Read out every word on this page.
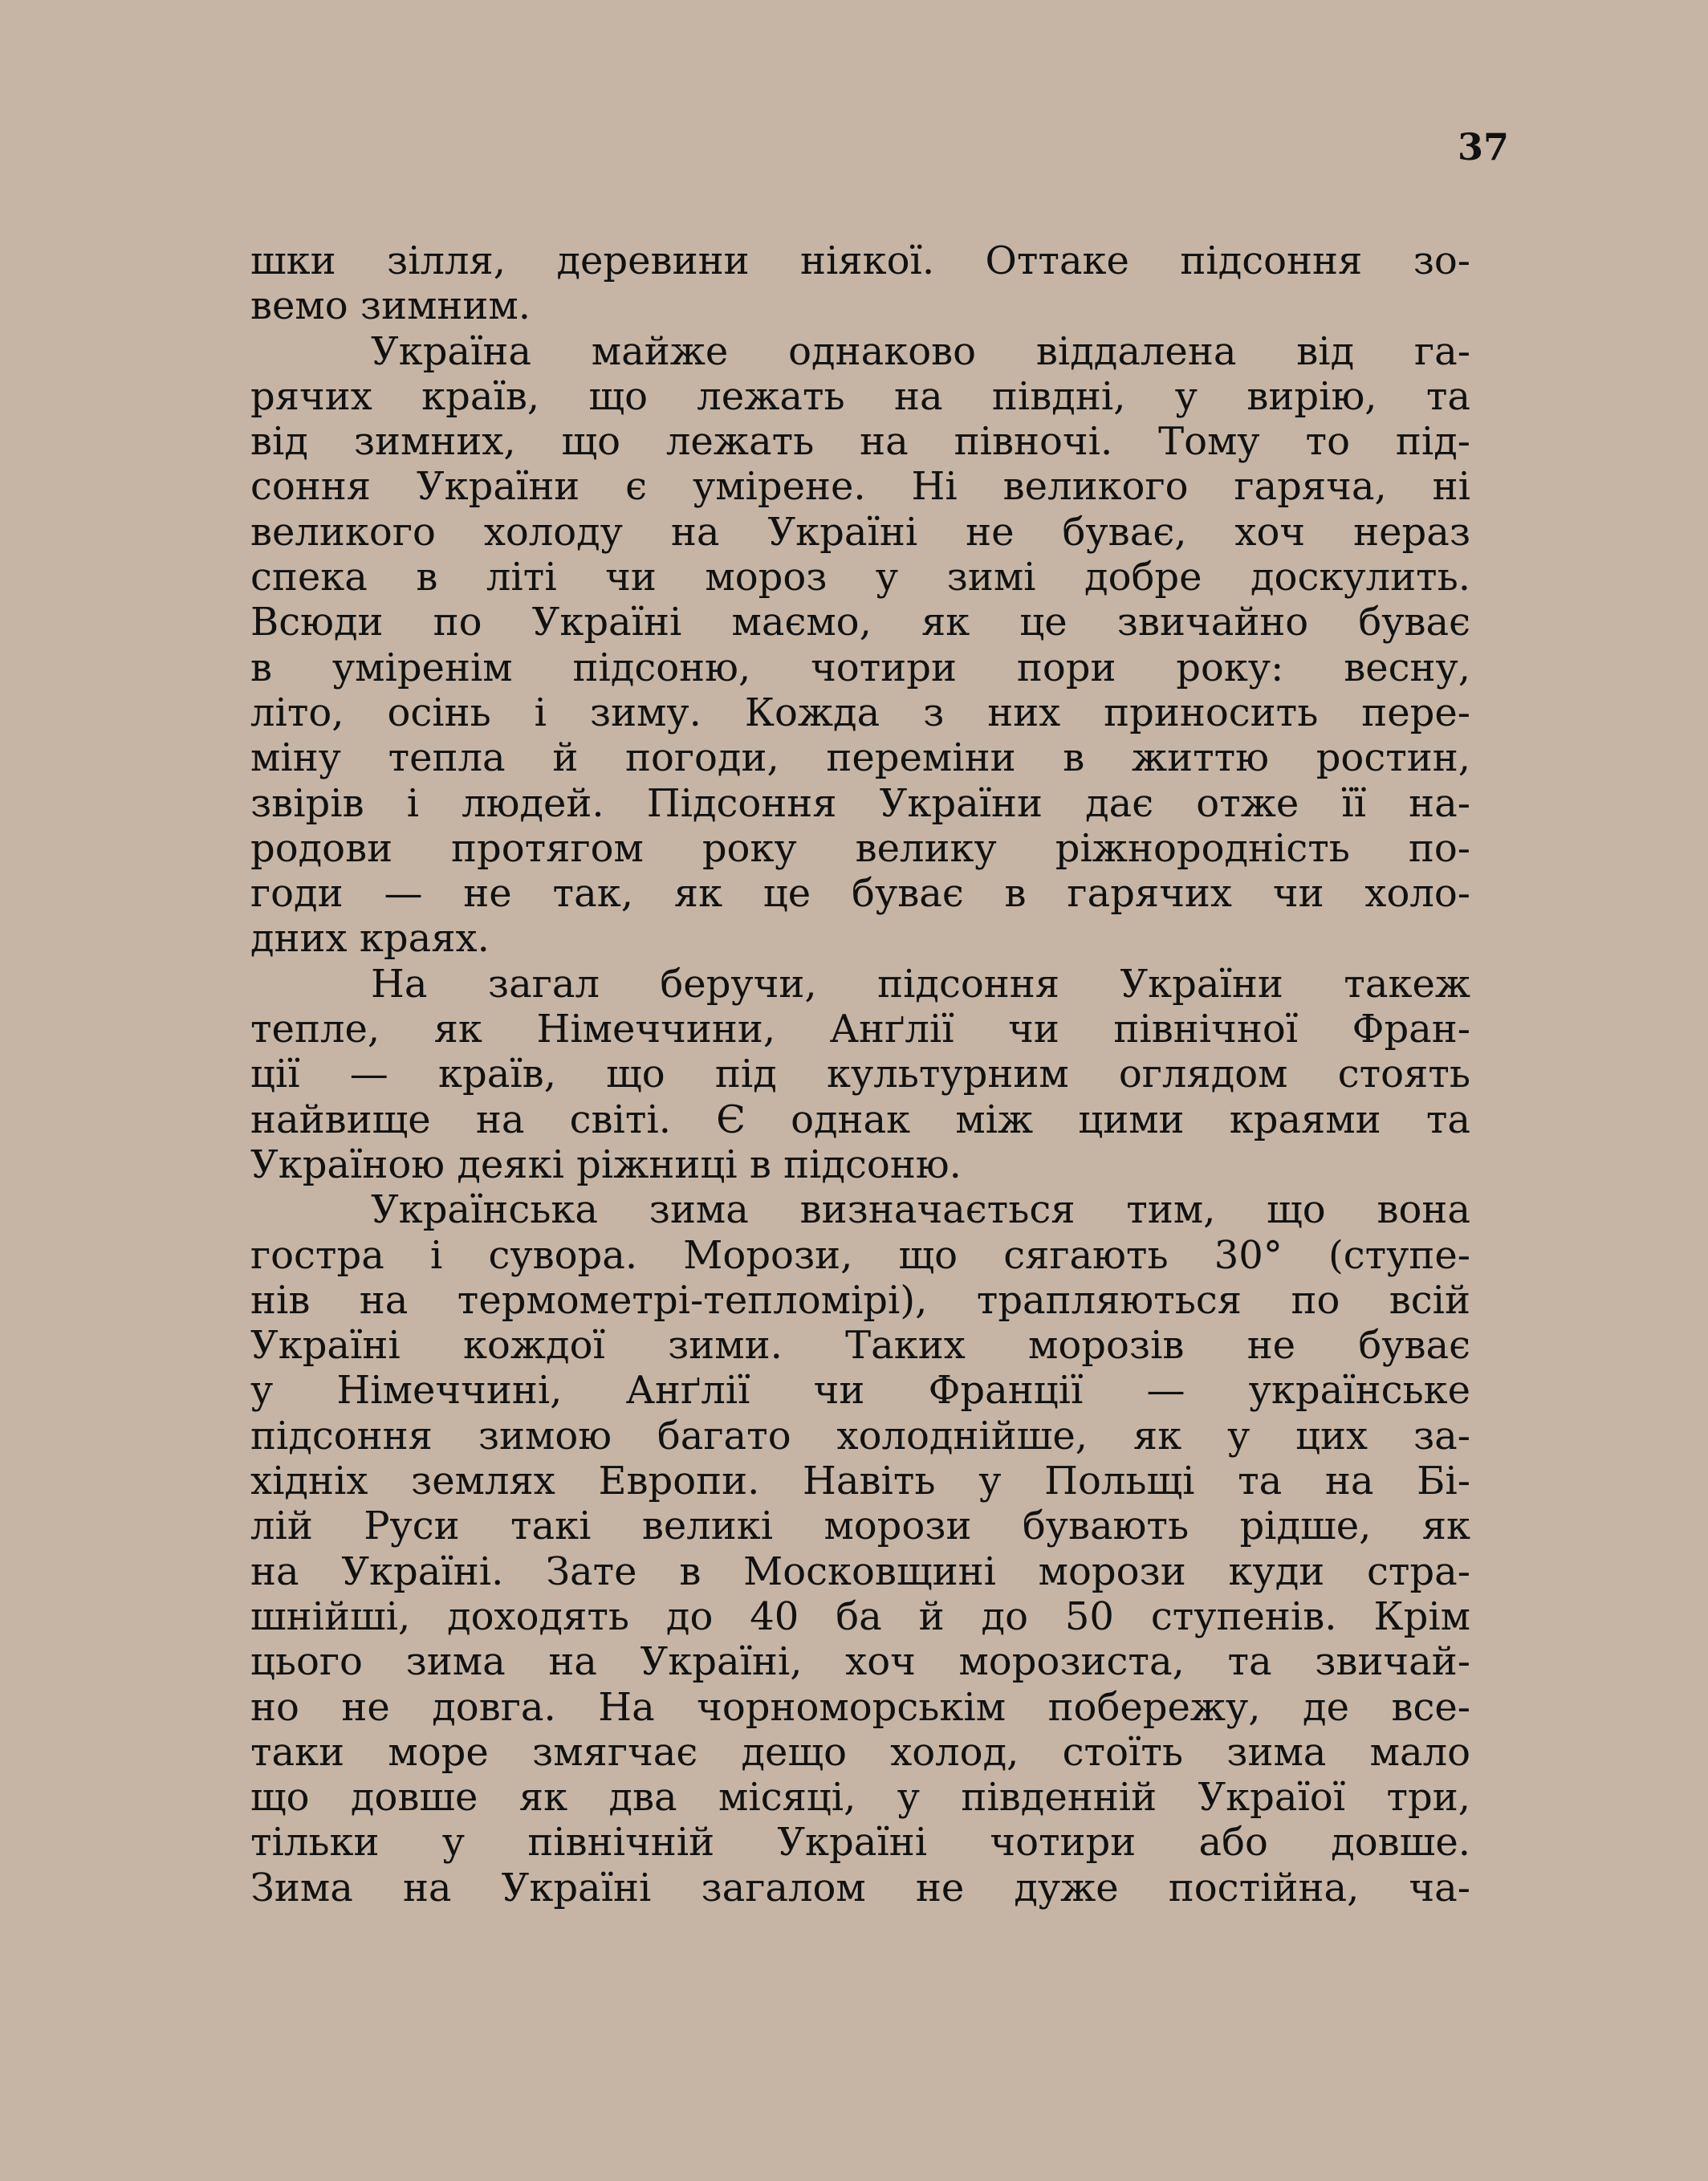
37
шки зілля, деревини ніякої. Оттаке підсоння зо-
вемо зимним.
Україна майже однаково віддалена від га-
рячих країв, що лежать на півдні, у вирію, та
від зимних, що лежать на півночі. Тому то під-
соння України є умірене. Ні великого гаряча, ні
великого холоду на Україні не буває, хоч нераз
спека в літі чи мороз у зимі добре доскулить.
Всюди по Україні маємо, як це звичайно буває
в уміренім підсоню, чотири пори року: весну,
літо, осінь і зиму. Кожда з них приносить пере-
міну тепла й погоди, переміни в життю ростин,
звірів і людей. Підсоння України дає отже її на-
родови протягом року велику ріжнородність по-
годи — не так, як це буває в гарячих чи холо-
дних краях.
На загал беручи, підсоння України такеж
тепле, як Німеччини, Анґлії чи північної Фран-
ції — країв, що під культурним оглядом стоять
найвище на світі. Є однак між цими краями та
Україною деякі ріжниці в підсоню.
Українська зима визначається тим, що вона
гостра і сувора. Морози, що сягають 30° (ступе-
нів на термометрі-тепломірі), трапляються по всій
Україні кождої зими. Таких морозів не буває
у Німеччині, Анґлії чи Франції — українське
підсоння зимою багато холоднійше, як у цих за-
хідніх землях Европи. Навіть у Польщі та на Бі-
лій Руси такі великі морози бувають рідше, як
на Україні. Зате в Московщині морози куди стра-
шнійші, доходять до 40 ба й до 50 ступенів. Крім
цього зима на Україні, хоч морозиста, та звичай-
но не довга. На чорноморськім побережу, де все-
таки море змягчає дещо холод, стоїть зима мало
що довше як два місяці, у південній Україої три,
тільки у північній Україні чотири або довше.
Зима на Україні загалом не дуже постійна, ча-
